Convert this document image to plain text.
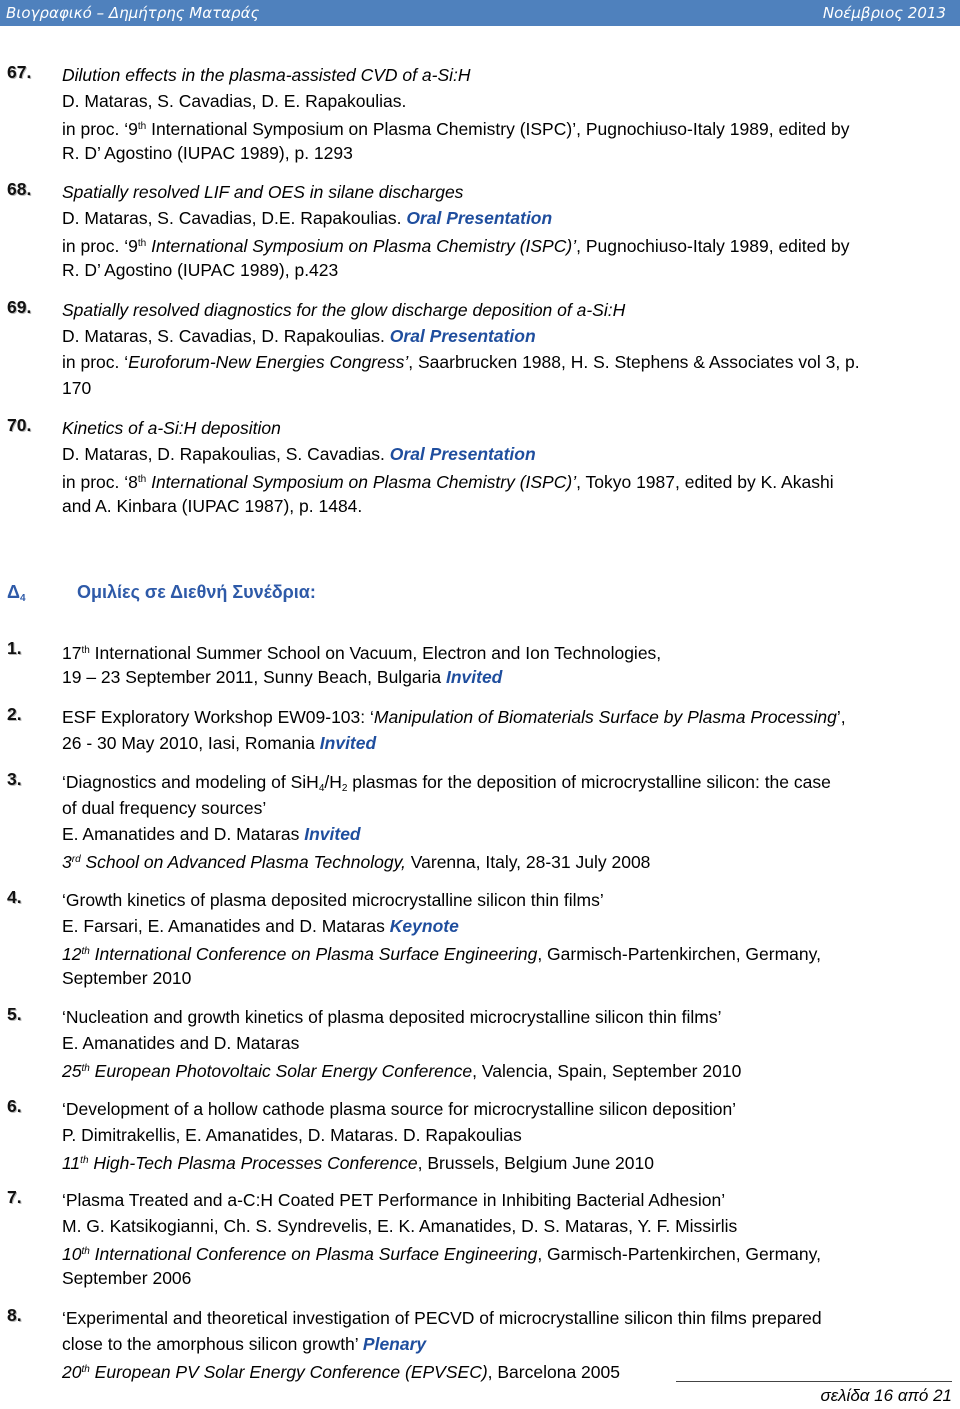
Βιογραφικό – Δημήτρης Ματαράς	Νοέμβριος 2013
67. Dilution effects in the plasma-assisted CVD of a-Si:H
D. Mataras, S. Cavadias, D. E. Rapakoulias.
in proc. ‘9th International Symposium on Plasma Chemistry (ISPC)’, Pugnochiuso-Italy 1989, edited by
R. D’ Agostino (IUPAC 1989), p. 1293
68. Spatially resolved LIF and OES in silane discharges
D. Mataras, S. Cavadias, D.E. Rapakoulias. Oral Presentation
in proc. ‘9th International Symposium on Plasma Chemistry (ISPC)’, Pugnochiuso-Italy 1989, edited by
R. D’ Agostino (IUPAC 1989), p.423
69. Spatially resolved diagnostics for the glow discharge deposition of a-Si:H
D. Mataras, S. Cavadias, D. Rapakoulias. Oral Presentation
in proc. ‘Euroforum-New Energies Congress’, Saarbrucken 1988, H. S. Stephens & Associates vol 3, p.
170
70. Kinetics of a-Si:H deposition
D. Mataras, D. Rapakoulias, S. Cavadias. Oral Presentation
in proc. ‘8th International Symposium on Plasma Chemistry (ISPC)’, Tokyo 1987, edited by K. Akashi
and A. Kinbara (IUPAC 1987), p. 1484.
$\Delta_4$	Ομιλίες σε Διεθνή Συνέδρια:
1. 17th International Summer School on Vacuum, Electron and Ion Technologies,
19 – 23 September 2011, Sunny Beach, Bulgaria Invited
2. ESF Exploratory Workshop EW09-103: ‘Manipulation of Biomaterials Surface by Plasma Processing’,
26 - 30 May 2010, Iasi, Romania Invited
3. ‘Diagnostics and modeling of $SiH_4/H_2$ plasmas for the deposition of microcrystalline silicon: the case
of dual frequency sources’
E. Amanatides and D. Mataras Invited
3rd School on Advanced Plasma Technology, Varenna, Italy, 28-31 July 2008
4. ‘Growth kinetics of plasma deposited microcrystalline silicon thin films’
E. Farsari, E. Amanatides and D. Mataras Keynote
12th International Conference on Plasma Surface Engineering, Garmisch-Partenkirchen, Germany,
September 2010
5. ‘Nucleation and growth kinetics of plasma deposited microcrystalline silicon thin films’
E. Amanatides and D. Mataras
25th European Photovoltaic Solar Energy Conference, Valencia, Spain, September 2010
6. ‘Development of a hollow cathode plasma source for microcrystalline silicon deposition’
P. Dimitrakellis, E. Amanatides, D. Mataras. D. Rapakoulias
11th High-Tech Plasma Processes Conference, Brussels, Belgium June 2010
7. ‘Plasma Treated and a-C:H Coated PET Performance in Inhibiting Bacterial Adhesion’
M. G. Katsikogianni, Ch. S. Syndrevelis, E. K. Amanatides, D. S. Mataras, Y. F. Missirlis
10th International Conference on Plasma Surface Engineering, Garmisch-Partenkirchen, Germany,
September 2006
8. ‘Experimental and theoretical investigation of PECVD of microcrystalline silicon thin films prepared
close to the amorphous silicon growth’ Plenary
20th European PV Solar Energy Conference (EPVSEC), Barcelona 2005
σελίδα 16 από 21
